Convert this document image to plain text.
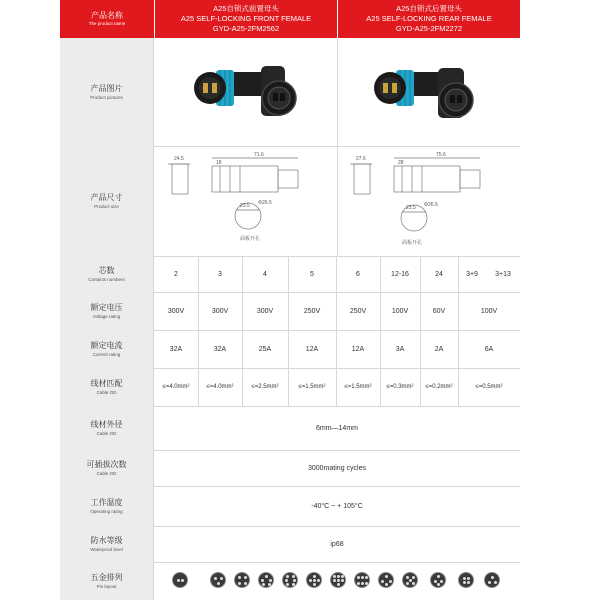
产品名称
The product name
A25自锁式前置母头
A25 SELF-LOCKING FRONT FEMALE
GYD-A25-2FM2562
A25自锁式后置母头
A25 SELF-LOCKING REAR FEMALE
GYD-A25-2FM2272
产品图片
Product pictures
产品尺寸
Product size
24.5
18
71.6
23.5 Φ26.5
面板开孔
27.6
28
75.6
23.5 Φ26.5
面板开孔
芯数
Contacts numbers
2	3	4	5	6	12-16	24	3+9	3+13
额定电压
Voltage rating
300V	300V	300V	250V	250V	100V	60V	100V
额定电流
Current rating
32A	32A	25A	12A	12A	3A	2A	6A
线材匹配
Cable OD
≤=4.0mm²	≤=4.0mm²	≤=2.5mm²	≤=1.5mm²	≤=1.5mm²	≤=0.3mm²	≤=0.2mm²	≤=0.5mm²
线材外径
Cable OD
6mm—14mm
可插拔次数
Cable OD
3000mating cycles
工作温度
Operating rating
-40°C ~ + 105°C
防水等级
Waterproof level
ip68
五金排列
Pin layout
